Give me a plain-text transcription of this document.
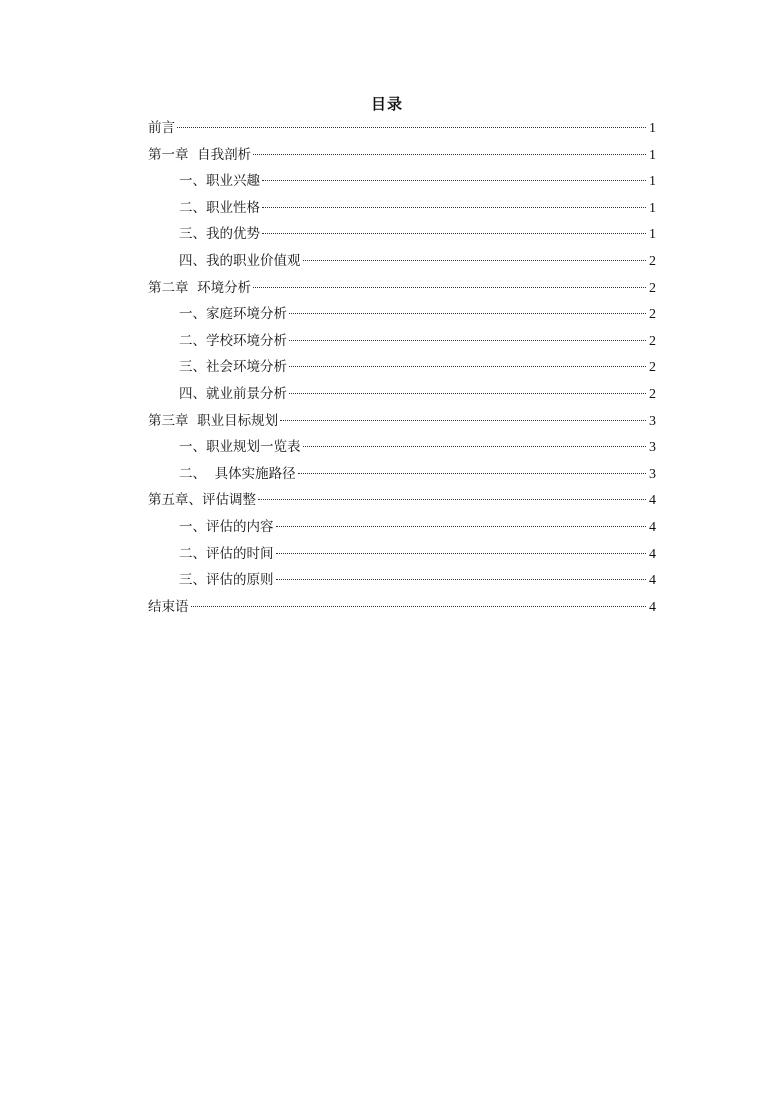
目录
前言	1
第一章  自我剖析	1
一、职业兴趣	1
二、职业性格	1
三、我的优势	1
四、我的职业价值观	2
第二章  环境分析	2
一、家庭环境分析	2
二、学校环境分析	2
三、社会环境分析	2
四、就业前景分析	2
第三章  职业目标规划	3
一、职业规划一览表	3
二、  具体实施路径	3
第五章、评估调整	4
一、评估的内容	4
二、评估的时间	4
三、评估的原则	4
结束语	4
